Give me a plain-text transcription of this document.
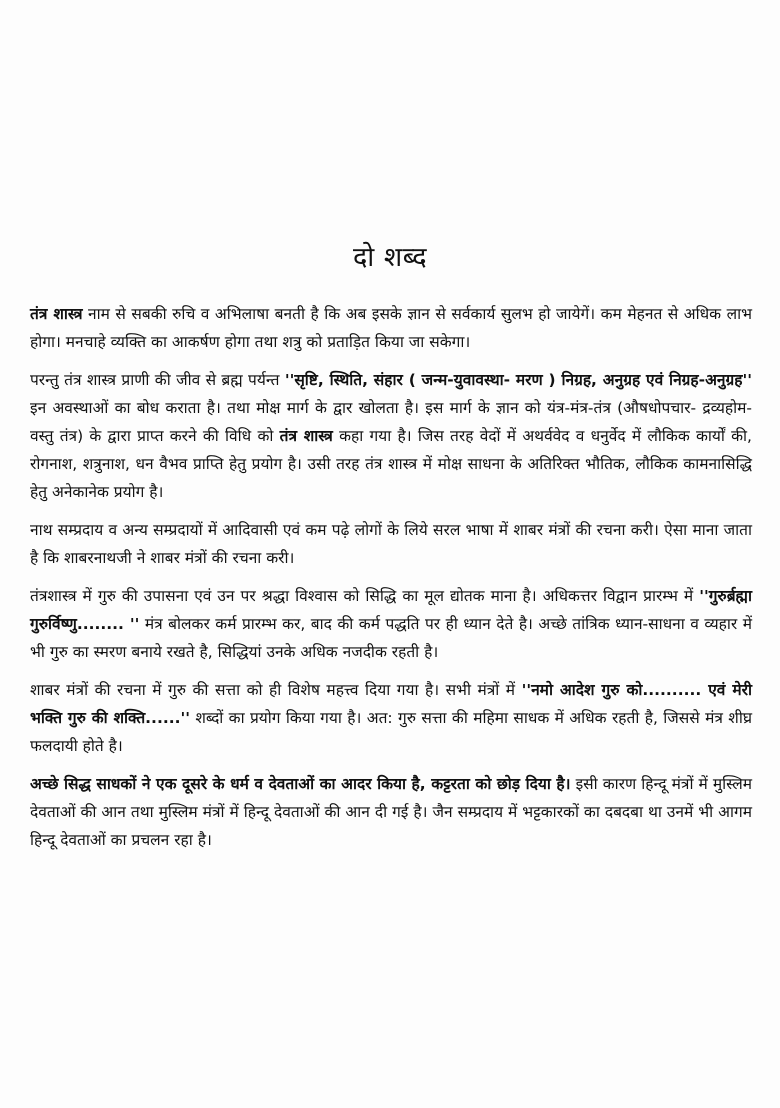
दो शब्द

तंत्र शास्त्र नाम से सबकी रुचि व अभिलाषा बनती है कि अब इसके ज्ञान से सर्वकार्य सुलभ हो जायेगें। कम मेहनत से अधिक लाभ होगा। मनचाहे व्यक्ति का आकर्षण होगा तथा शत्रु को प्रताड़ित किया जा सकेगा।

परन्तु तंत्र शास्त्र प्राणी की जीव से ब्रह्म पर्यन्त ''सृष्टि, स्थिति, संहार ( जन्म-युवावस्था- मरण ) निग्रह, अनुग्रह एवं निग्रह-अनुग्रह'' इन अवस्थाओं का बोध कराता है। तथा मोक्ष मार्ग के द्वार खोलता है। इस मार्ग के ज्ञान को यंत्र-मंत्र-तंत्र (औषधोपचार- द्रव्यहोम- वस्तु तंत्र) के द्वारा प्राप्त करने की विधि को तंत्र शास्त्र कहा गया है। जिस तरह वेदों में अथर्ववेद व धनुर्वेद में लौकिक कार्यों की, रोगनाश, शत्रुनाश, धन वैभव प्राप्ति हेतु प्रयोग है। उसी तरह तंत्र शास्त्र में मोक्ष साधना के अतिरिक्त भौतिक, लौकिक कामनासिद्धि हेतु अनेकानेक प्रयोग है।

नाथ सम्प्रदाय व अन्य सम्प्रदायों में आदिवासी एवं कम पढ़े लोगों के लिये सरल भाषा में शाबर मंत्रों की रचना करी। ऐसा माना जाता है कि शाबरनाथजी ने शाबर मंत्रों की रचना करी।

तंत्रशास्त्र में गुरु की उपासना एवं उन पर श्रद्धा विश्वास को सिद्धि का मूल द्योतक माना है। अधिकत्तर विद्वान प्रारम्भ में ''गुरुर्ब्रह्मा गुरुर्विष्णु........ '' मंत्र बोलकर कर्म प्रारम्भ कर, बाद की कर्म पद्धति पर ही ध्यान देते है। अच्छे तांत्रिक ध्यान-साधना व व्यहार में भी गुरु का स्मरण बनाये रखते है, सिद्धियां उनके अधिक नजदीक रहती है।

शाबर मंत्रों की रचना में गुरु की सत्ता को ही विशेष महत्त्व दिया गया है। सभी मंत्रों में ''नमो आदेश गुरु को.......... एवं मेरी भक्ति गुरु की शक्ति......'' शब्दों का प्रयोग किया गया है। अत: गुरु सत्ता की महिमा साधक में अधिक रहती है, जिससे मंत्र शीघ्र फलदायी होते है।

अच्छे सिद्ध साधकों ने एक दूसरे के धर्म व देवताओं का आदर किया है, कट्टरता को छोड़ दिया है। इसी कारण हिन्दू मंत्रों में मुस्लिम देवताओं की आन तथा मुस्लिम मंत्रों में हिन्दू देवताओं की आन दी गई है। जैन सम्प्रदाय में भट्टकारकों का दबदबा था उनमें भी आगम हिन्दू देवताओं का प्रचलन रहा है।
